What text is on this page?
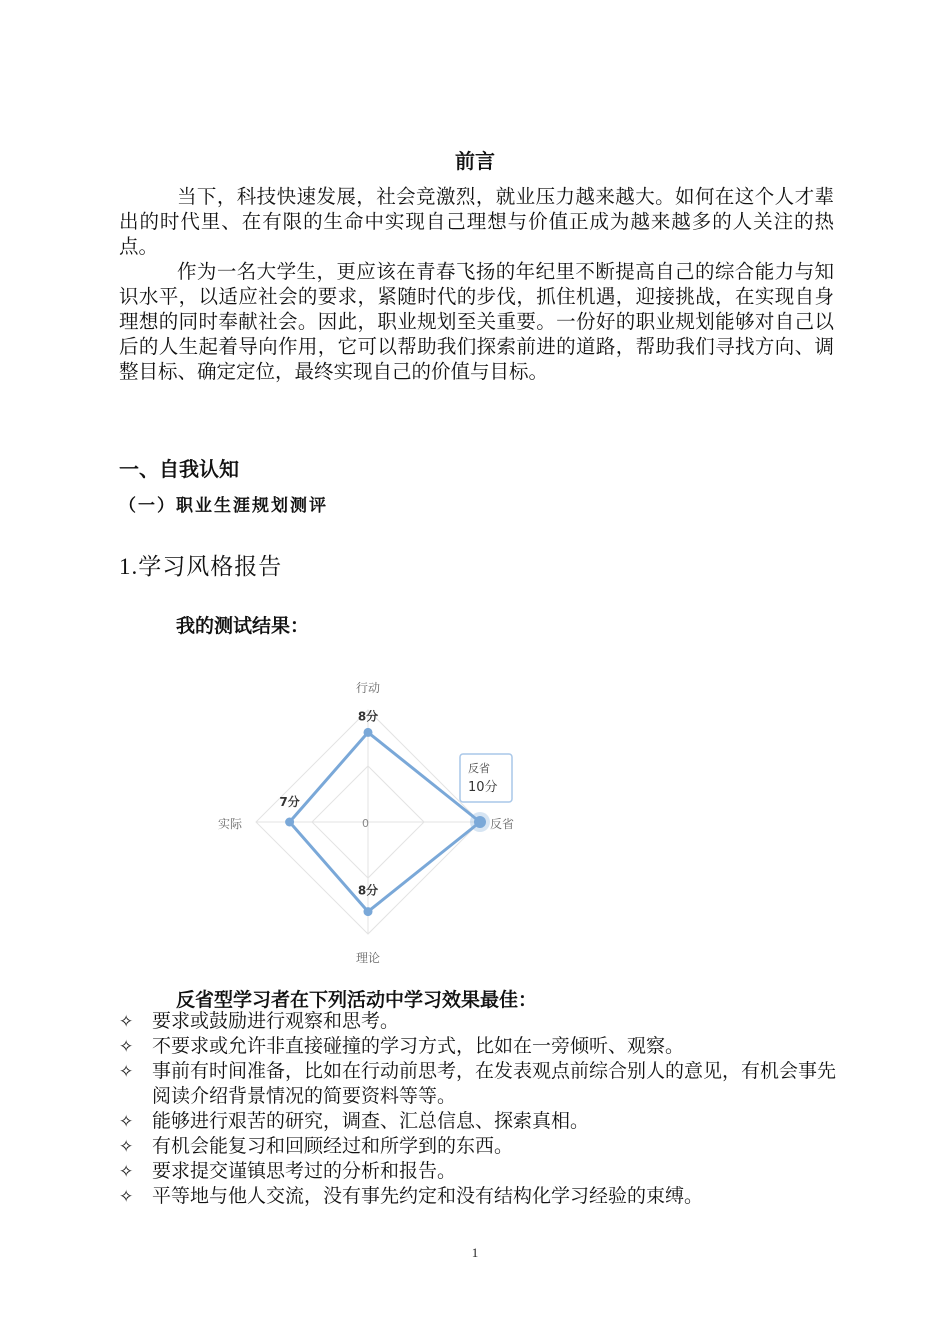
前言

当下，科技快速发展，社会竞激烈，就业压力越来越大。如何在这个人才辈出的时代里、在有限的生命中实现自己理想与价值正成为越来越多的人关注的热点。

作为一名大学生，更应该在青春飞扬的年纪里不断提高自己的综合能力与知识水平，以适应社会的要求，紧随时代的步伐，抓住机遇，迎接挑战，在实现自身理想的同时奉献社会。因此，职业规划至关重要。一份好的职业规划能够对自己以后的人生起着导向作用，它可以帮助我们探索前进的道路，帮助我们寻找方向、调整目标、确定定位，最终实现自己的价值与目标。

一、自我认知
（一）职业生涯规划测评
1.学习风格报告
我的测试结果：
0
行动
8分
反省
理论
8分
实际
7分
反省
10分
反省型学习者在下列活动中学习效果最佳：
✧ 要求或鼓励进行观察和思考。
✧ 不要求或允许非直接碰撞的学习方式，比如在一旁倾听、观察。
✧ 事前有时间准备，比如在行动前思考，在发表观点前综合别人的意见，有机会事先阅读介绍背景情况的简要资料等等。
✧ 能够进行艰苦的研究，调查、汇总信息、探索真相。
✧ 有机会能复习和回顾经过和所学到的东西。
✧ 要求提交谨镇思考过的分析和报告。
✧ 平等地与他人交流，没有事先约定和没有结构化学习经验的束缚。
1
